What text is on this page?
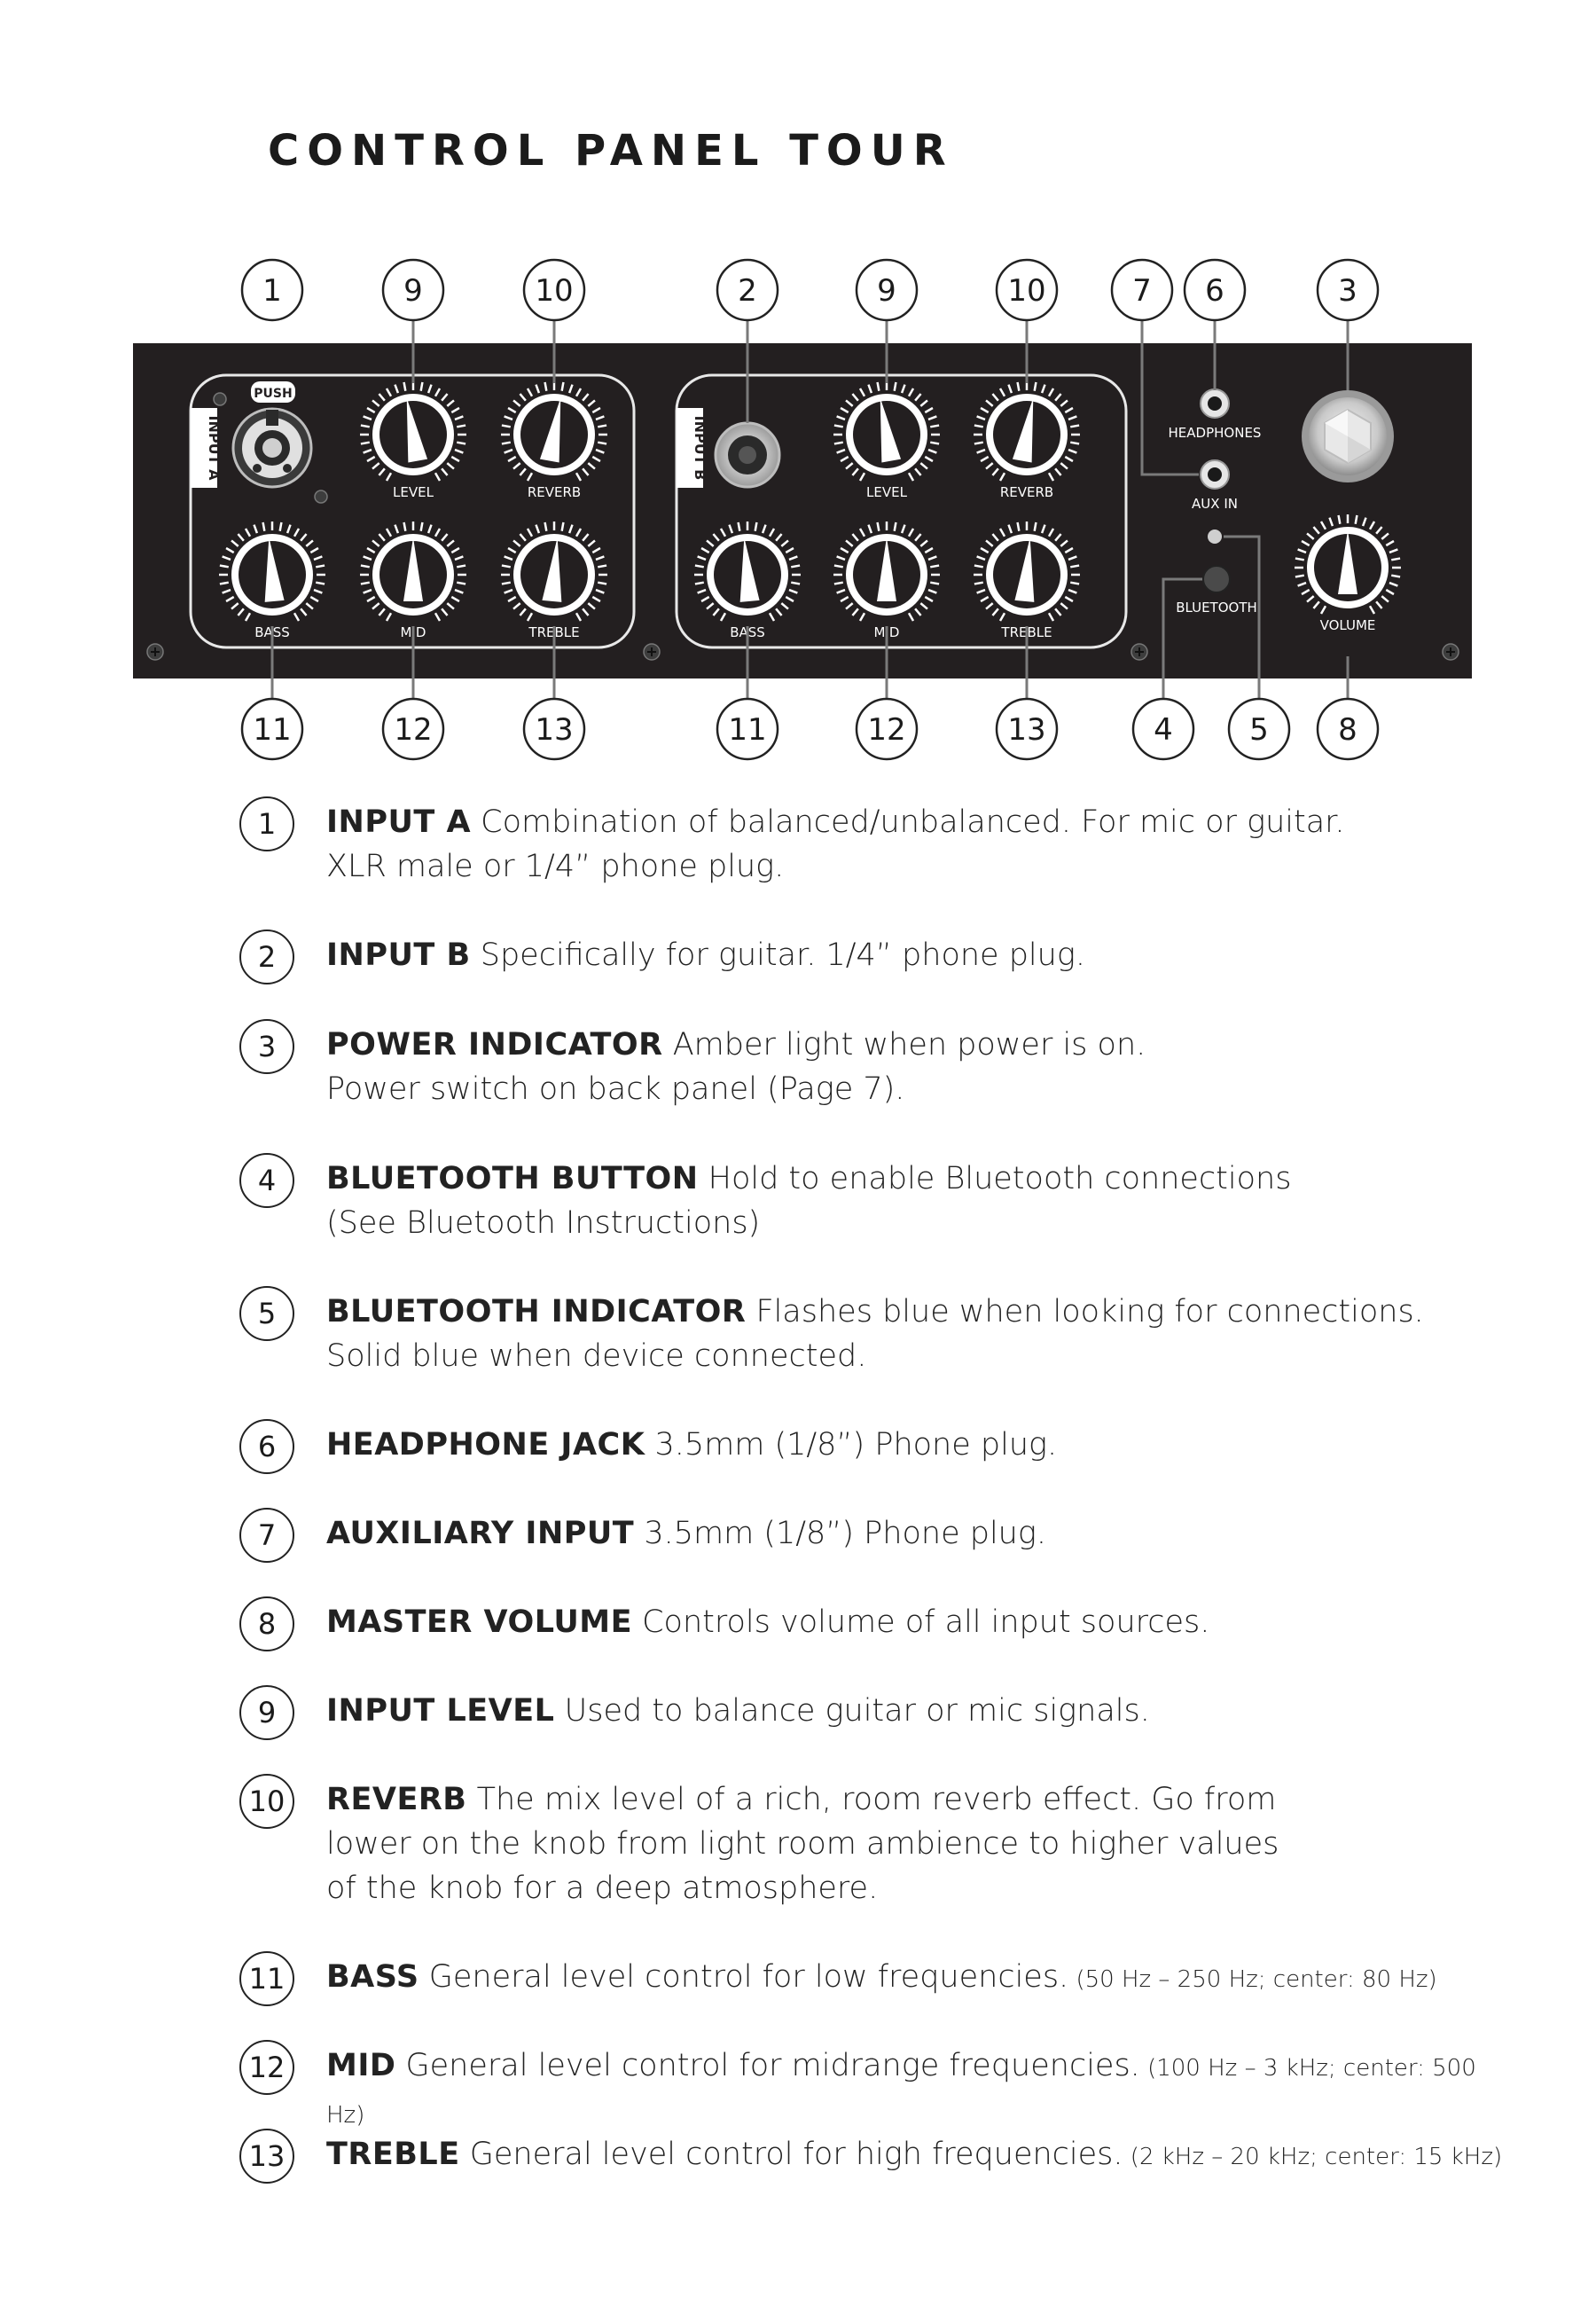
CONTROL PANEL TOUR
PUSH
INPUT A	INPUT B
LEVEL	REVERB
BASS	MID	TREBLE
LEVEL	REVERB
BASS	MID	TREBLE	VOLUME
HEADPHONES
AUX IN
BLUETOOTH
1	9	10	2	9	10	7 6	3
11	12	13	11	12	13	4	5 8
1	INPUT A Combination of balanced/unbalanced. For mic or guitar.
XLR male or 1/4” phone plug.
2	INPUT B Specifically for guitar. 1/4” phone plug.
3	POWER INDICATOR Amber light when power is on.
Power switch on back panel (Page 7).
4	BLUETOOTH BUTTON Hold to enable Bluetooth connections
(See Bluetooth Instructions)
5	BLUETOOTH INDICATOR Flashes blue when looking for connections.
Solid blue when device connected.
6	HEADPHONE JACK 3.5mm (1/8”) Phone plug.
7	AUXILIARY INPUT 3.5mm (1/8”) Phone plug.
8	MASTER VOLUME Controls volume of all input sources.
9	INPUT LEVEL Used to balance guitar or mic signals.
10	REVERB The mix level of a rich, room reverb effect. Go from
lower on the knob from light room ambience to higher values
of the knob for a deep atmosphere.
11	BASS General level control for low frequencies. (50 Hz – 250 Hz; center: 80 Hz)
12	MID General level control for midrange frequencies. (100 Hz – 3 kHz; center: 500 Hz)
13	TREBLE General level control for high frequencies. (2 kHz – 20 kHz; center: 15 kHz)
